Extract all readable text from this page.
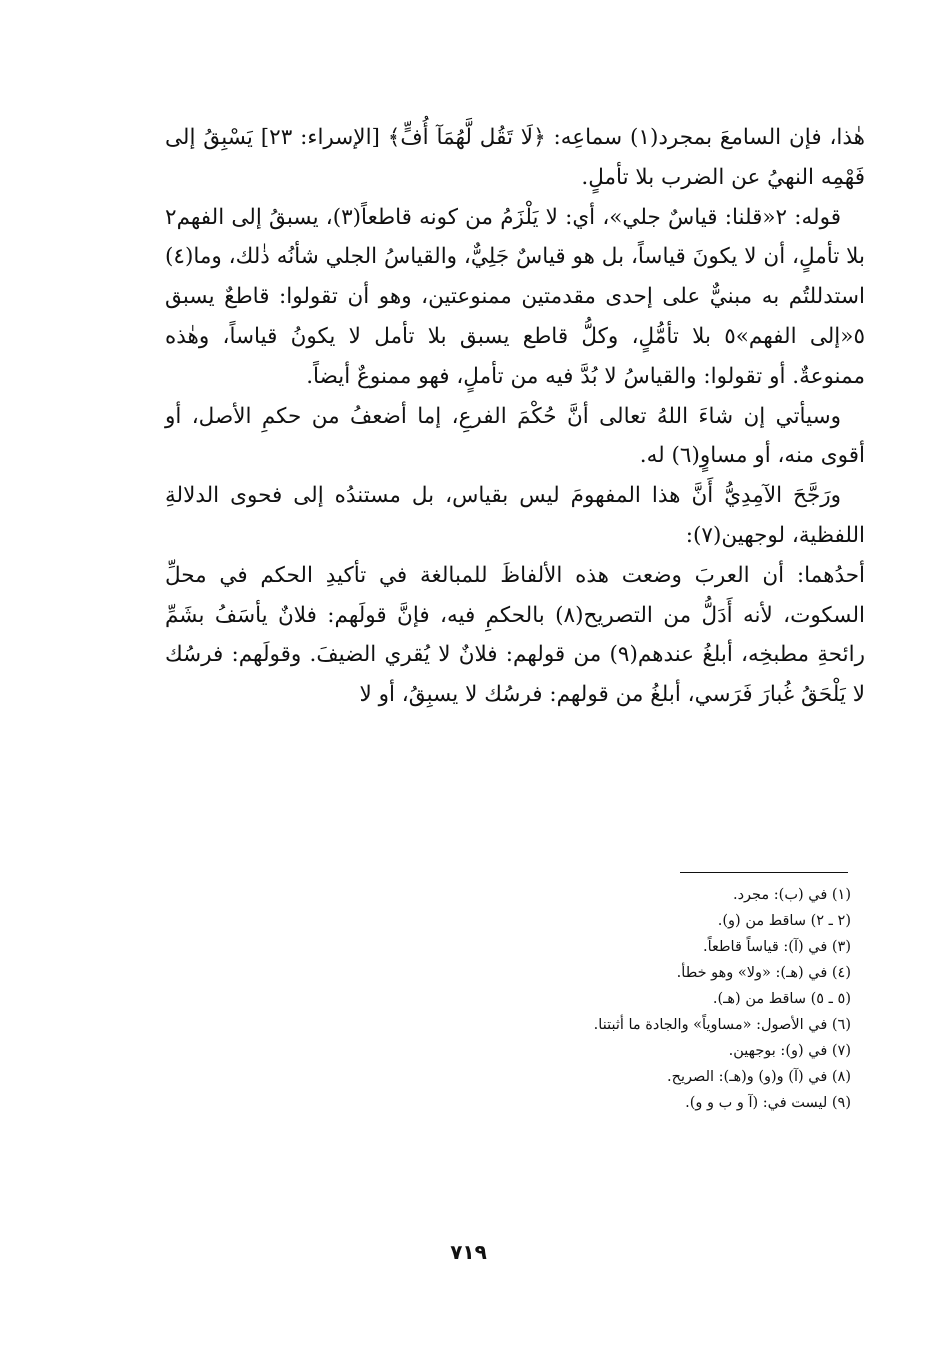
هٰذا، فإن السامعَ بمجرد(١) سماعِه: ﴿لَا تَقُل لَّهُمَآ أُفٍّ﴾ [الإسراء: ٢٣] يَسْبِقُ إلى فَهْمِه النهيُ عن الضرب بلا تأملٍ.

قوله: ٢«قلنا: قياسٌ جلي»، أي: لا يَلْزَمُ من كونه قاطعاً(٣)، يسبقُ إلى الفهم٢ بلا تأملٍ، أن لا يكونَ قياساً، بل هو قياسٌ جَلِيٌّ، والقياسُ الجلي شأنُه ذٰلك، وما(٤) استدللتُم به مبنيٌّ على إحدى مقدمتين ممنوعتين، وهو أن تقولوا: قاطعٌ يسبق ٥«إلى الفهم»٥ بلا تأمُّلٍ، وكلُّ قاطع يسبق بلا تأمل لا يكونُ قياساً، وهٰذه ممنوعةٌ. أو تقولوا: والقياسُ لا بُدَّ فيه من تأملٍ، فهو ممنوعٌ أيضاً.

وسيأتي إن شاءَ اللهُ تعالى أنَّ حُكْمَ الفرعِ، إما أضعفُ من حكمِ الأصل، أو أقوى منه، أو مساوٍ(٦) له.

ورَجَّحَ الآمِدِيُّ أَنَّ هذا المفهومَ ليس بقياس، بل مستندُه إلى فحوى الدلالةِ اللفظية، لوجهين(٧):

أحدُهما: أن العربَ وضعت هذه الألفاظَ للمبالغة في تأكيدِ الحكم في محلِّ السكوت، لأنه أَدَلُّ من التصريح(٨) بالحكمِ فيه، فإنَّ قولَهم: فلانٌ يأسَفُ بشَمِّ رائحةِ مطبخِه، أبلغُ عندهم(٩) من قولهم: فلانٌ لا يُقري الضيفَ. وقولَهم: فرسُك لا يَلْحَقُ غُبارَ فَرَسي، أبلغُ من قولهم: فرسُك لا يسبِقُ، أو لا

(١) في (ب): مجرد.
(٢ ـ ٢) ساقط من (و).
(٣) في (آ): قياساً قاطعاً.
(٤) في (هـ): «ولا» وهو خطأ.
(٥ ـ ٥) ساقط من (هـ).
(٦) في الأصول: «مساوياً» والجادة ما أثبتنا.
(٧) في (و): بوجهين.
(٨) في (آ) و(و) و(هـ): الصريح.
(٩) ليست في: (آ و ب و و).
٧١٩
